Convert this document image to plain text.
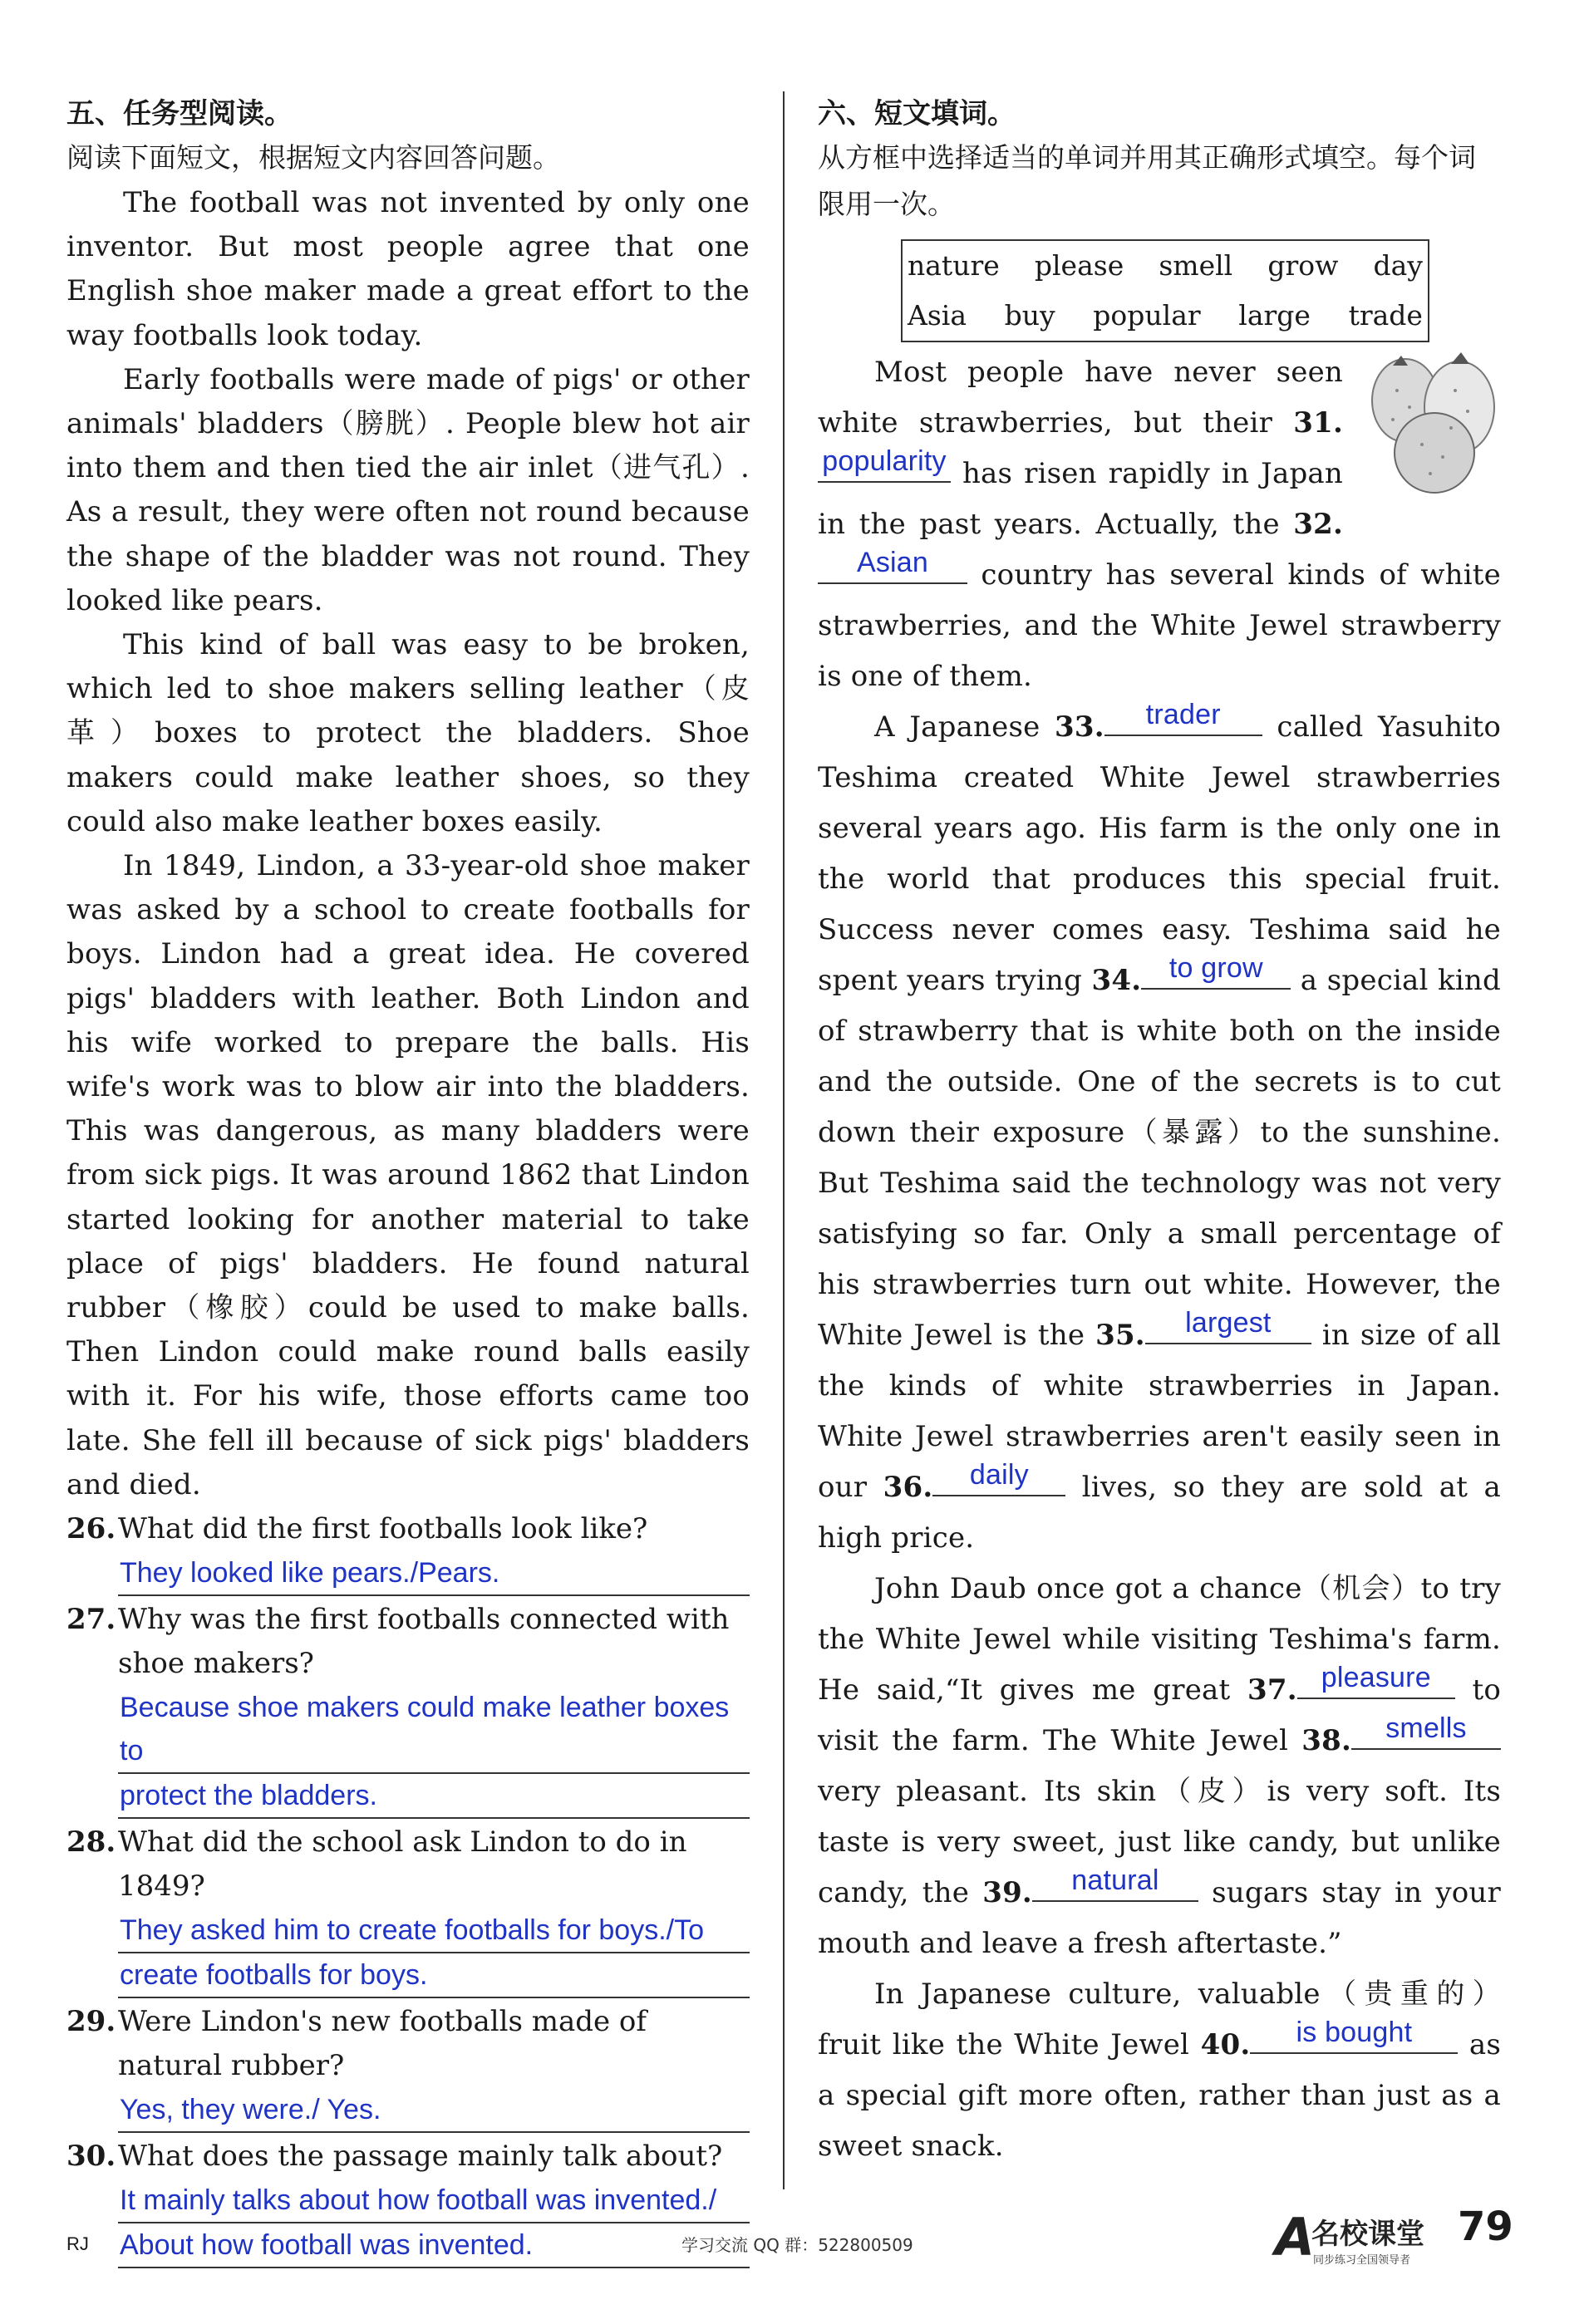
五、任务型阅读。
阅读下面短文，根据短文内容回答问题。

The football was not invented by only one inventor. But most people agree that one English shoe maker made a great effort to the way footballs look today.

Early footballs were made of pigs' or other animals' bladders（膀胱）. People blew hot air into them and then tied the air inlet（进气孔）. As a result, they were often not round because the shape of the bladder was not round. They looked like pears.

This kind of ball was easy to be broken, which led to shoe makers selling leather（皮革）boxes to protect the bladders. Shoe makers could make leather shoes, so they could also make leather boxes easily.

In 1849, Lindon, a 33-year-old shoe maker was asked by a school to create footballs for boys. Lindon had a great idea. He covered pigs' bladders with leather. Both Lindon and his wife worked to prepare the balls. His wife's work was to blow air into the bladders. This was dangerous, as many bladders were from sick pigs. It was around 1862 that Lindon started looking for another material to take place of pigs' bladders. He found natural rubber（橡胶）could be used to make balls. Then Lindon could make round balls easily with it. For his wife, those efforts came too late. She fell ill because of sick pigs' bladders and died.

26. What did the first footballs look like?
They looked like pears./Pears.
27. Why was the first footballs connected with shoe makers?
Because shoe makers could make leather boxes to
protect the bladders.
28. What did the school ask Lindon to do in 1849?
They asked him to create footballs for boys./To
create footballs for boys.
29. Were Lindon's new footballs made of natural rubber?
Yes, they were./ Yes.
30. What does the passage mainly talk about?
It mainly talks about how football was invented./
About how football was invented.
六、短文填词。
从方框中选择适当的单词并用其正确形式填空。每个词限用一次。
nature please smell grow day
Asia buy popular large trade

Most people have never seen white strawberries, but their 31.
popularity has risen rapidly in Japan in the past years. Actually, the 32.
Asian	country has several kinds of white strawberries, and the White Jewel strawberry is one of them.

A Japanese 33.	trader	called Yasuhito Teshima created White Jewel strawberries several years ago. His farm is the only one in the world that produces this special fruit. Success never comes easy. Teshima said he spent years trying 34. to grow a special kind of strawberry that is white both on the inside and the outside. One of the secrets is to cut down their exposure（暴露）to the sunshine. But Teshima said the technology was not very satisfying so far. Only a small percentage of his strawberries turn out white. However, the White Jewel is the 35.	largest	in size of all the kinds of white strawberries in Japan. White Jewel strawberries aren't easily seen in our 36.	daily	lives, so they are sold at a high price.

John Daub once got a chance（机会）to try the White Jewel while visiting Teshima's farm. He said,“It gives me great 37. pleasure to visit the farm. The White Jewel 38.	smells
very pleasant. Its skin（皮）is very soft. Its taste is very sweet, just like candy, but unlike candy, the 39.	natural	sugars stay in your mouth and leave a fresh aftertaste.”

In Japanese culture, valuable（贵重的）fruit like the White Jewel 40.	is bought	as a special gift more often, rather than just as a sweet snack.

RJ	学习交流 QQ 群：522800509	A
名校课堂
同步练习全国领导者
79
